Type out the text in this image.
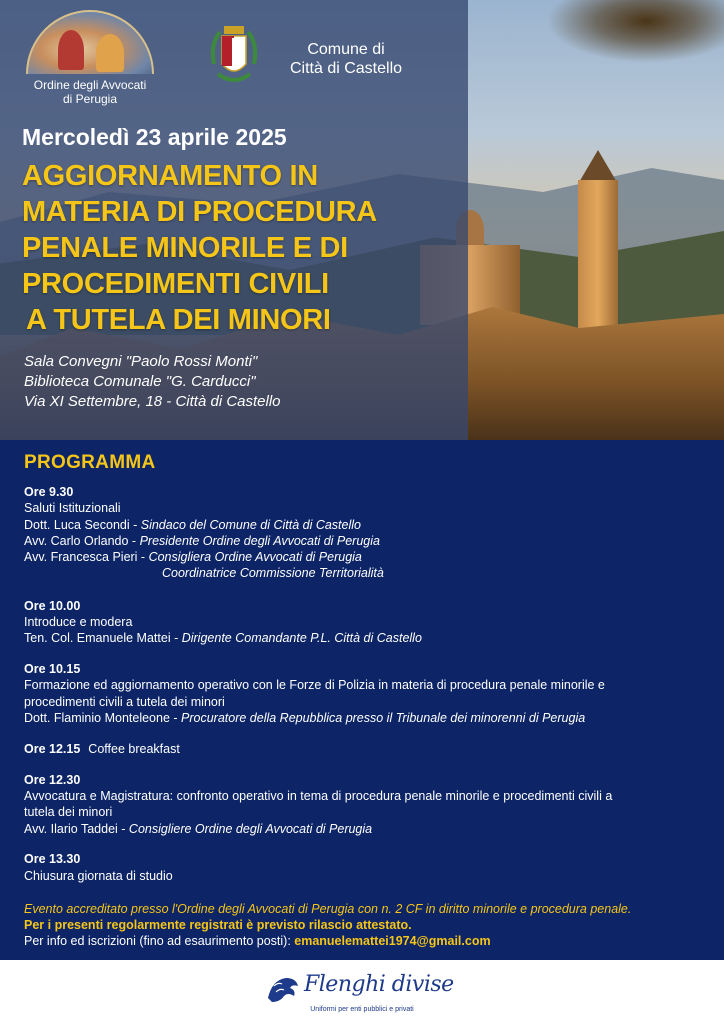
Ordine degli Avvocati
di Perugia
Comune di
Città di Castello
Mercoledì 23 aprile 2025
AGGIORNAMENTO IN
MATERIA DI PROCEDURA
PENALE MINORILE E DI
PROCEDIMENTI CIVILI
A TUTELA DEI MINORI
Sala Convegni "Paolo Rossi Monti"
Biblioteca Comunale "G. Carducci"
Via XI Settembre, 18 - Città di Castello
PROGRAMMA
Ore 9.30
Saluti Istituzionali
Dott. Luca Secondi - Sindaco del Comune di Città di Castello
Avv. Carlo Orlando - Presidente Ordine degli Avvocati di Perugia
Avv. Francesca Pieri - Consigliera Ordine Avvocati di Perugia
Coordinatrice Commissione Territorialità
Ore 10.00
Introduce e modera
Ten. Col. Emanuele Mattei - Dirigente Comandante P.L. Città di Castello
Ore 10.15
Formazione ed aggiornamento operativo con le Forze di Polizia in materia di procedura penale minorile e
procedimenti civili a tutela dei minori
Dott. Flaminio Monteleone - Procuratore della Repubblica presso il Tribunale dei minorenni di Perugia
Ore 12.15 Coffee breakfast
Ore 12.30
Avvocatura e Magistratura: confronto operativo in tema di procedura penale minorile e procedimenti civili a
tutela dei minori
Avv. Ilario Taddei - Consigliere Ordine degli Avvocati di Perugia
Ore 13.30
Chiusura giornata di studio
Evento accreditato presso l'Ordine degli Avvocati di Perugia con n. 2 CF in diritto minorile e procedura penale.
Per i presenti regolarmente registrati è previsto rilascio attestato.
Per info ed iscrizioni (fino ad esaurimento posti): emanuelemattei1974@gmail.com
Flenghi divise
Uniformi per enti pubblici e privati
